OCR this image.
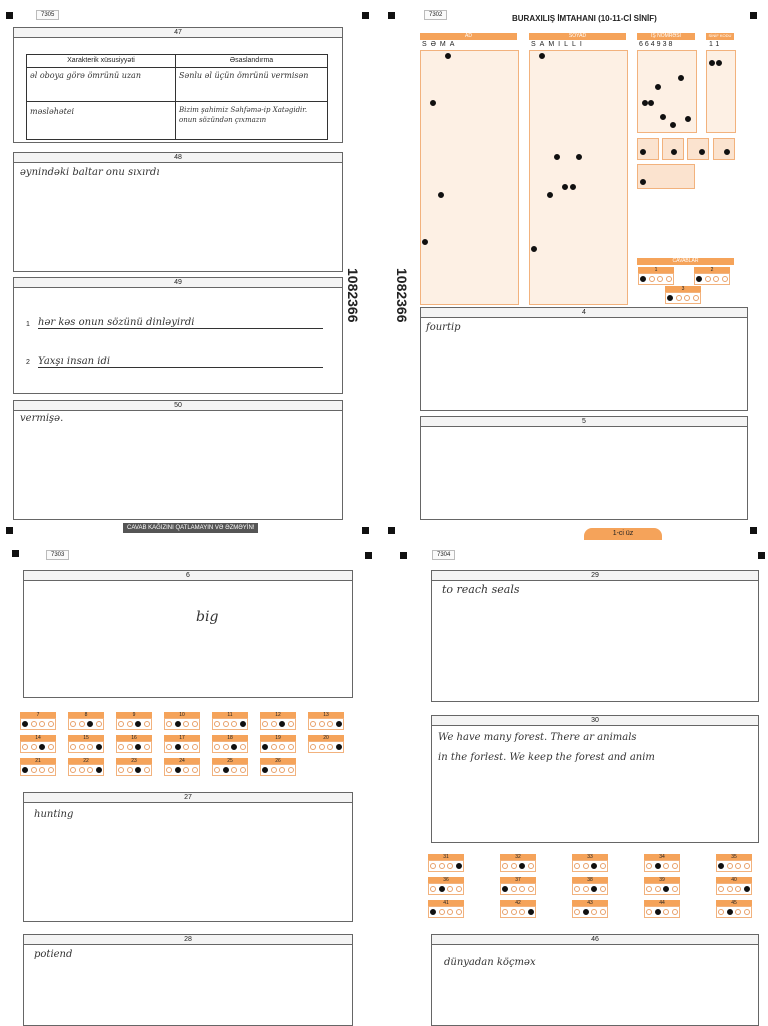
7305
47
Xarakterik xüsusiyyəti	Əsaslandırma
əl oboya görə ömrünü uzan	Sənlu əl üçün ömrünü vermisən
məsləhətei	Bizim şahimiz Səhfəmə-ip Xatəgidir. onun sözündən çıxmazın
48
əynindəki baltar onu sıxırdı
49
1 hər kəs onun sözünü dinləyirdi
2 Yaxşı insan idi
50
vermişə.
CAVAB KAĞIZINI QATLAMAYIN VƏ ƏZMƏYİN!
1082366
7302	BURAXILIŞ İMTAHANI (10-11-Cİ SİNİF)
AD
SƏMA
SOYAD
SAMILLI
İŞ NÖMRƏSİ
664938
SİNİF KODU
11
CAVABLAR
1	2
3
1082366	4
fourtip
5
1-ci üz
7303
6
big
7	8	9	10	11	12	13
14	15	16	17	18	19	20
21	22	23	24	25	26
27
hunting
28
potiend
7304
29
to reach seals
30
We have many forest. There ar animals
in the forlest. We keep the forest and anim
31	32	33	34	35
36	37	38	39	40
41	42	43	44	45
46
dünyadan köçməx
